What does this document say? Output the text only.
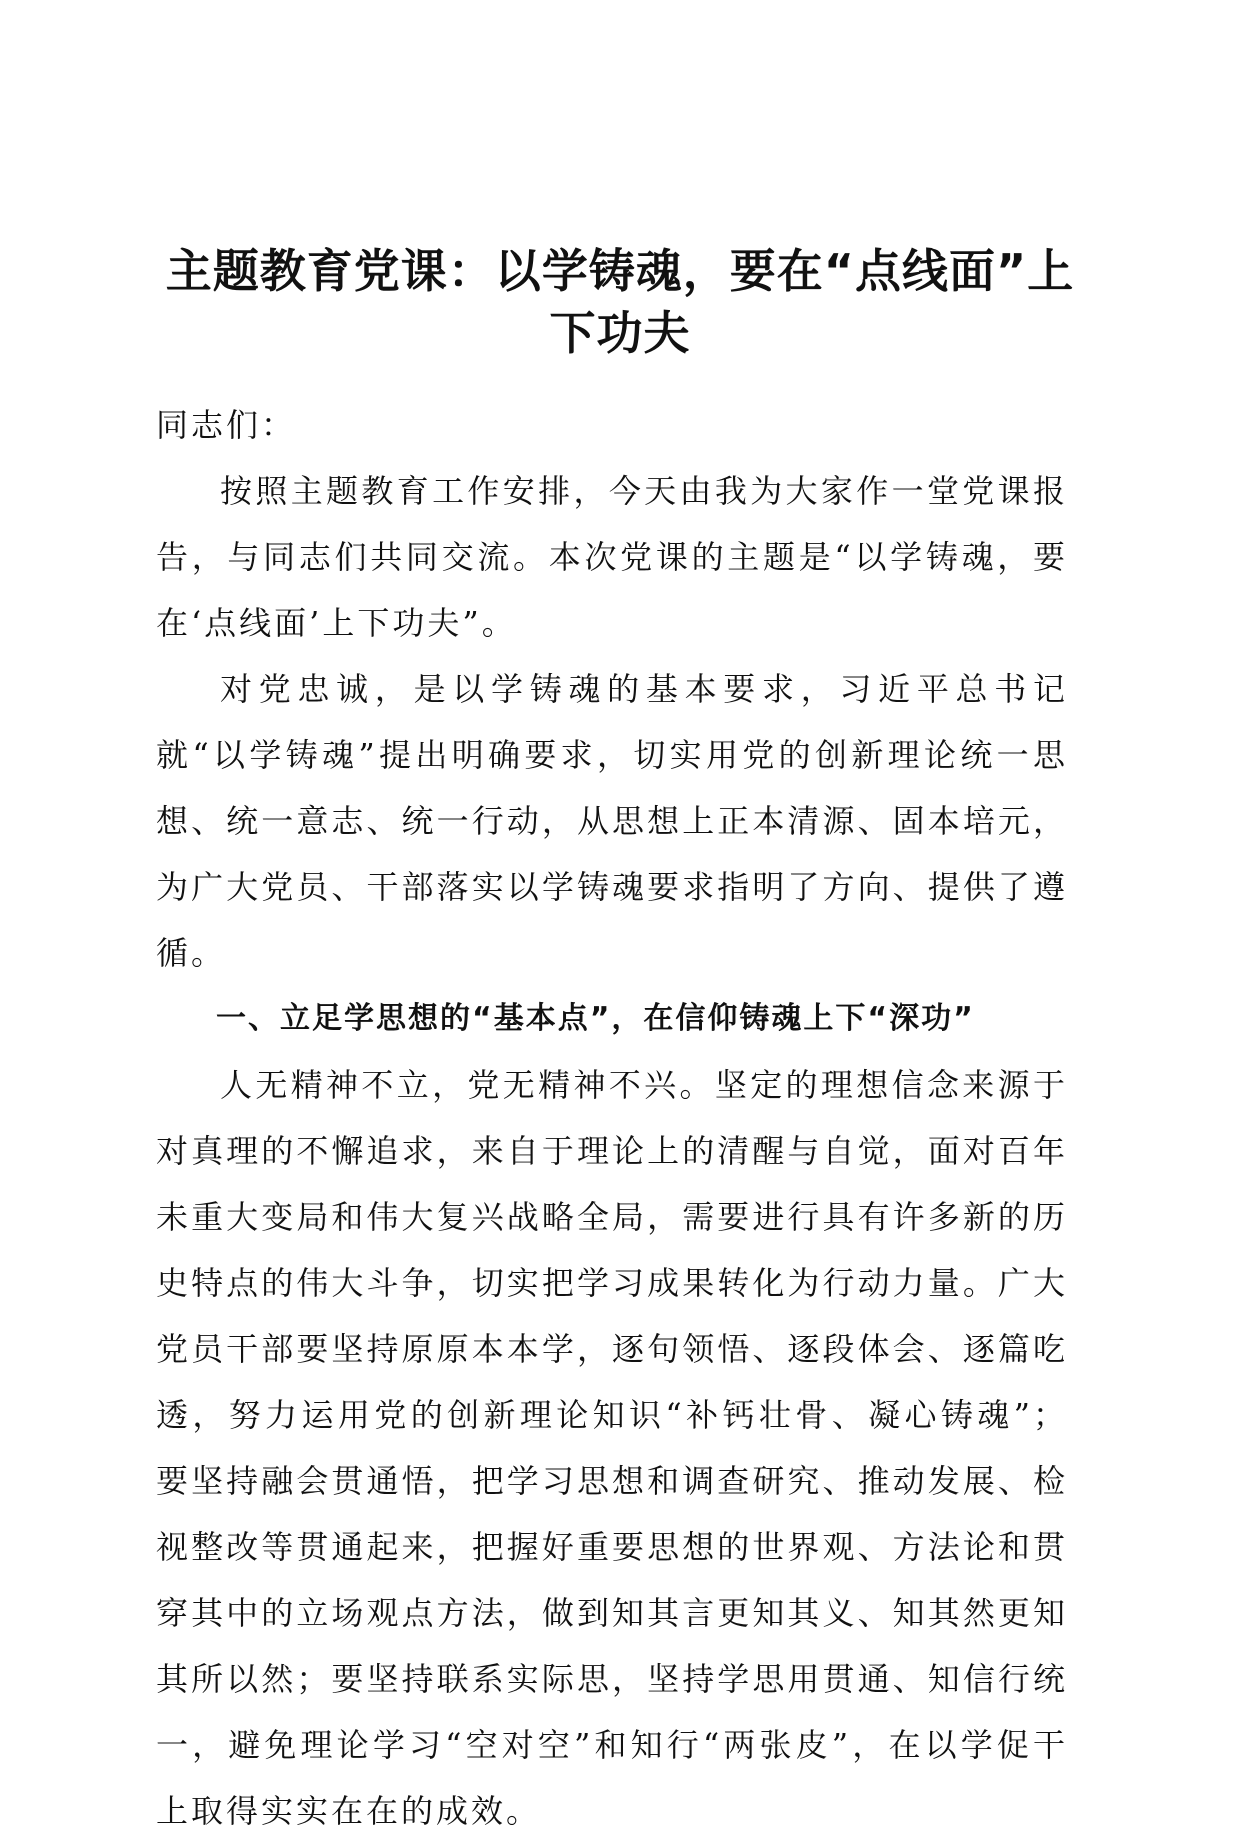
主题教育党课：以学铸魂，要在“点线面”上下功夫

同志们：

按照主题教育工作安排，今天由我为大家作一堂党课报告，与同志们共同交流。本次党课的主题是“以学铸魂，要在‘点线面’上下功夫”。

对党忠诚，是以学铸魂的基本要求，习近平总书记就“以学铸魂”提出明确要求，切实用党的创新理论统一思想、统一意志、统一行动，从思想上正本清源、固本培元，为广大党员、干部落实以学铸魂要求指明了方向、提供了遵循。

一、立足学思想的“基本点”，在信仰铸魂上下“深功”

人无精神不立，党无精神不兴。坚定的理想信念来源于对真理的不懈追求，来自于理论上的清醒与自觉，面对百年未重大变局和伟大复兴战略全局，需要进行具有许多新的历史特点的伟大斗争，切实把学习成果转化为行动力量。广大党员干部要坚持原原本本学，逐句领悟、逐段体会、逐篇吃透，努力运用党的创新理论知识“补钙壮骨、凝心铸魂”；要坚持融会贯通悟，把学习思想和调查研究、推动发展、检视整改等贯通起来，把握好重要思想的世界观、方法论和贯穿其中的立场观点方法，做到知其言更知其义、知其然更知其所以然；要坚持联系实际思，坚持学思用贯通、知信行统一，避免理论学习“空对空”和知行“两张皮”，在以学促干上取得实实在在的成效。
